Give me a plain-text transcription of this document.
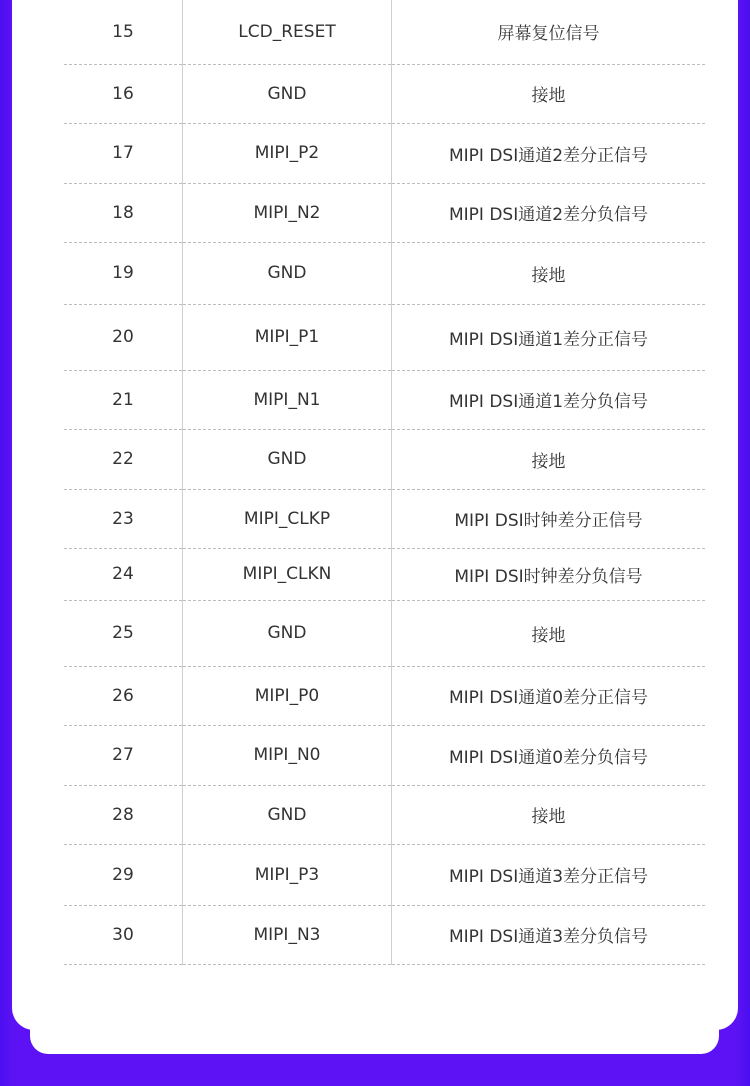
15	LCD_RESET	屏幕复位信号
16	GND	接地
17	MIPI_P2	MIPI DSI通道2差分正信号
18	MIPI_N2	MIPI DSI通道2差分负信号
19	GND	接地
20	MIPI_P1	MIPI DSI通道1差分正信号
21	MIPI_N1	MIPI DSI通道1差分负信号
22	GND	接地
23	MIPI_CLKP	MIPI DSI时钟差分正信号
24	MIPI_CLKN	MIPI DSI时钟差分负信号
25	GND	接地
26	MIPI_P0	MIPI DSI通道0差分正信号
27	MIPI_N0	MIPI DSI通道0差分负信号
28	GND	接地
29	MIPI_P3	MIPI DSI通道3差分正信号
30	MIPI_N3	MIPI DSI通道3差分负信号
